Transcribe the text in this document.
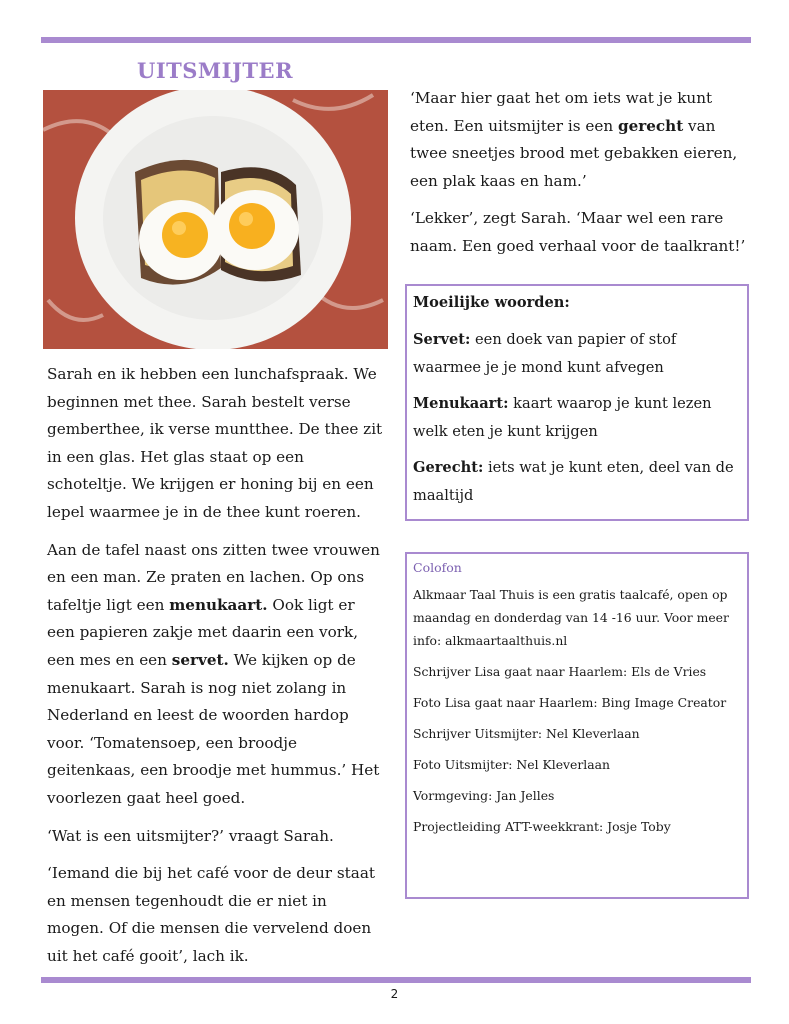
UITSMIJTER

Sarah en ik hebben een lunchafspraak. We beginnen met thee. Sarah bestelt verse gemberthee, ik verse muntthee. De thee zit in een glas. Het glas staat op een schoteltje. We krijgen er honing bij en een lepel waarmee je in de thee kunt roeren.

Aan de tafel naast ons zitten twee vrouwen en een man. Ze praten en lachen. Op ons tafeltje ligt een menukaart. Ook ligt er een papieren zakje met daarin een vork, een mes en een servet. We kijken op de menukaart. Sarah is nog niet zolang in Nederland en leest de woorden hardop voor. ‘Tomatensoep, een broodje geitenkaas, een broodje met hummus.’ Het voorlezen gaat heel goed.

‘Wat is een uitsmijter?’ vraagt Sarah.

‘Iemand die bij het café voor de deur staat en mensen tegenhoudt die er niet in mogen. Of die mensen die vervelend doen uit het café gooit’, lach ik.

‘Maar hier gaat het om iets wat je kunt eten. Een uitsmijter is een gerecht van twee sneetjes brood met gebakken eieren, een plak kaas en ham.’

‘Lekker’, zegt Sarah. ‘Maar wel een rare naam. Een goed verhaal voor de taalkrant!’

Moeilijke woorden:

Servet: een doek van papier of stof waarmee je je mond kunt afvegen

Menukaart: kaart waarop je kunt lezen welk eten je kunt krijgen

Gerecht: iets wat je kunt eten, deel van de maaltijd

Colofon

Alkmaar Taal Thuis is een gratis taalcafé, open op maandag en donderdag van 14 -16 uur. Voor meer info: alkmaartaalthuis.nl

Schrijver Lisa gaat naar Haarlem: Els de Vries

Foto Lisa gaat naar Haarlem: Bing Image Creator

Schrijver Uitsmijter: Nel Kleverlaan

Foto Uitsmijter: Nel Kleverlaan

Vormgeving: Jan Jelles

Projectleiding ATT-weekkrant: Josje Toby

2
